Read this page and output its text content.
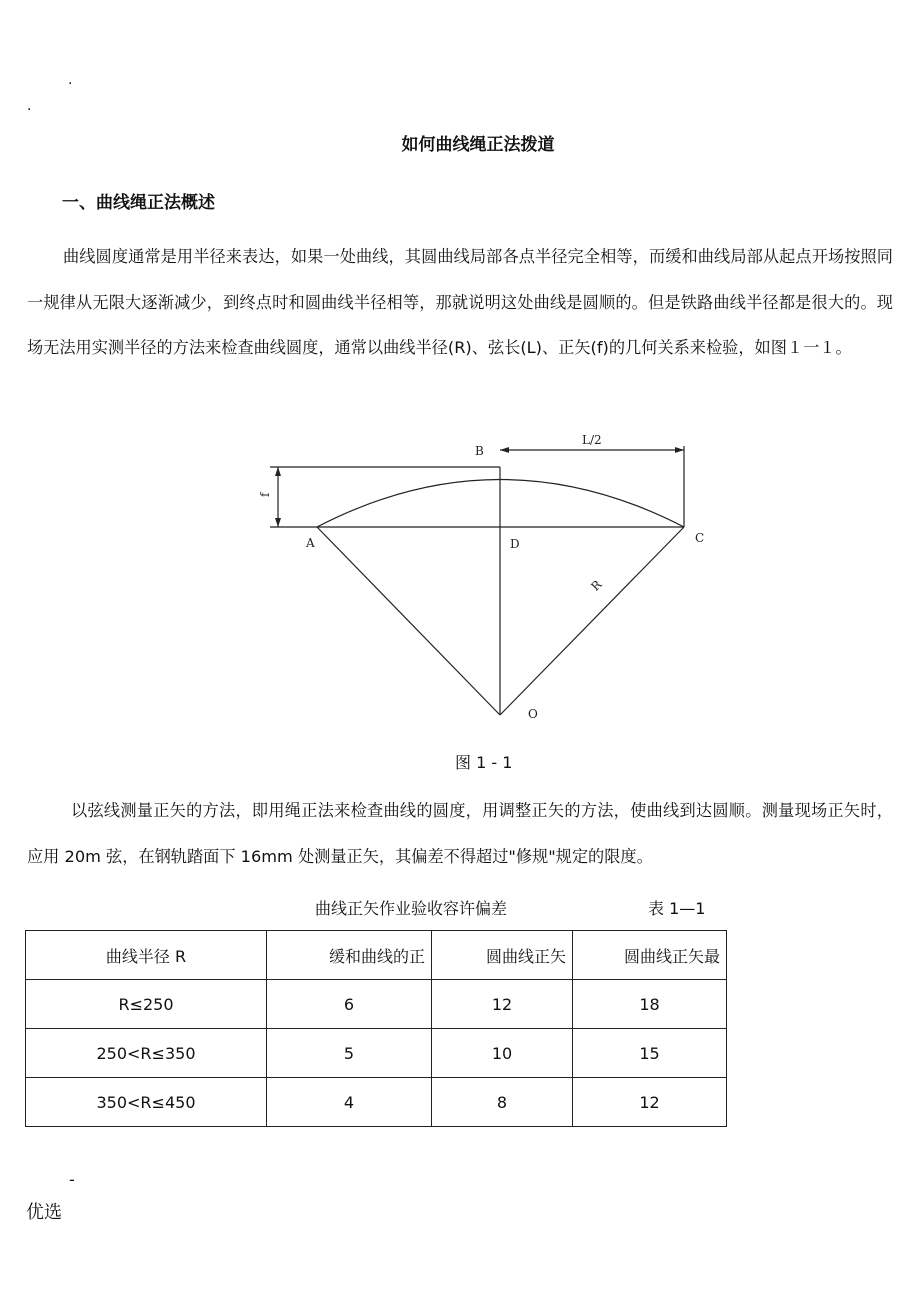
.
.
如何曲线绳正法拨道
一、曲线绳正法概述
曲线圆度通常是用半径来表达，如果一处曲线，其圆曲线局部各点半径完全相等，而缓和曲线局部从起点开场按照同一规律从无限大逐渐减少，到终点时和圆曲线半径相等，那就说明这处曲线是圆顺的。但是铁路曲线半径都是很大的。现场无法用实测半径的方法来检查曲线圆度，通常以曲线半径(R)、弦长(L)、正矢(f)的几何关系来检验，如图１一１。
B
L/2
f
A	D	C
R
O
图 1 - 1
以弦线测量正矢的方法，即用绳正法来检查曲线的圆度，用调整正矢的方法，使曲线到达圆顺。测量现场正矢时，应用 20m 弦，在钢轨踏面下 16mm 处测量正矢，其偏差不得超过"修规"规定的限度。
曲线正矢作业验收容许偏差	表 1—1
曲线半径 R	缓和曲线的正	圆曲线正矢	圆曲线正矢最
R≤250	6	12	18
250<R≤350	5	10	15
350<R≤450	4	8	12
-
优选
